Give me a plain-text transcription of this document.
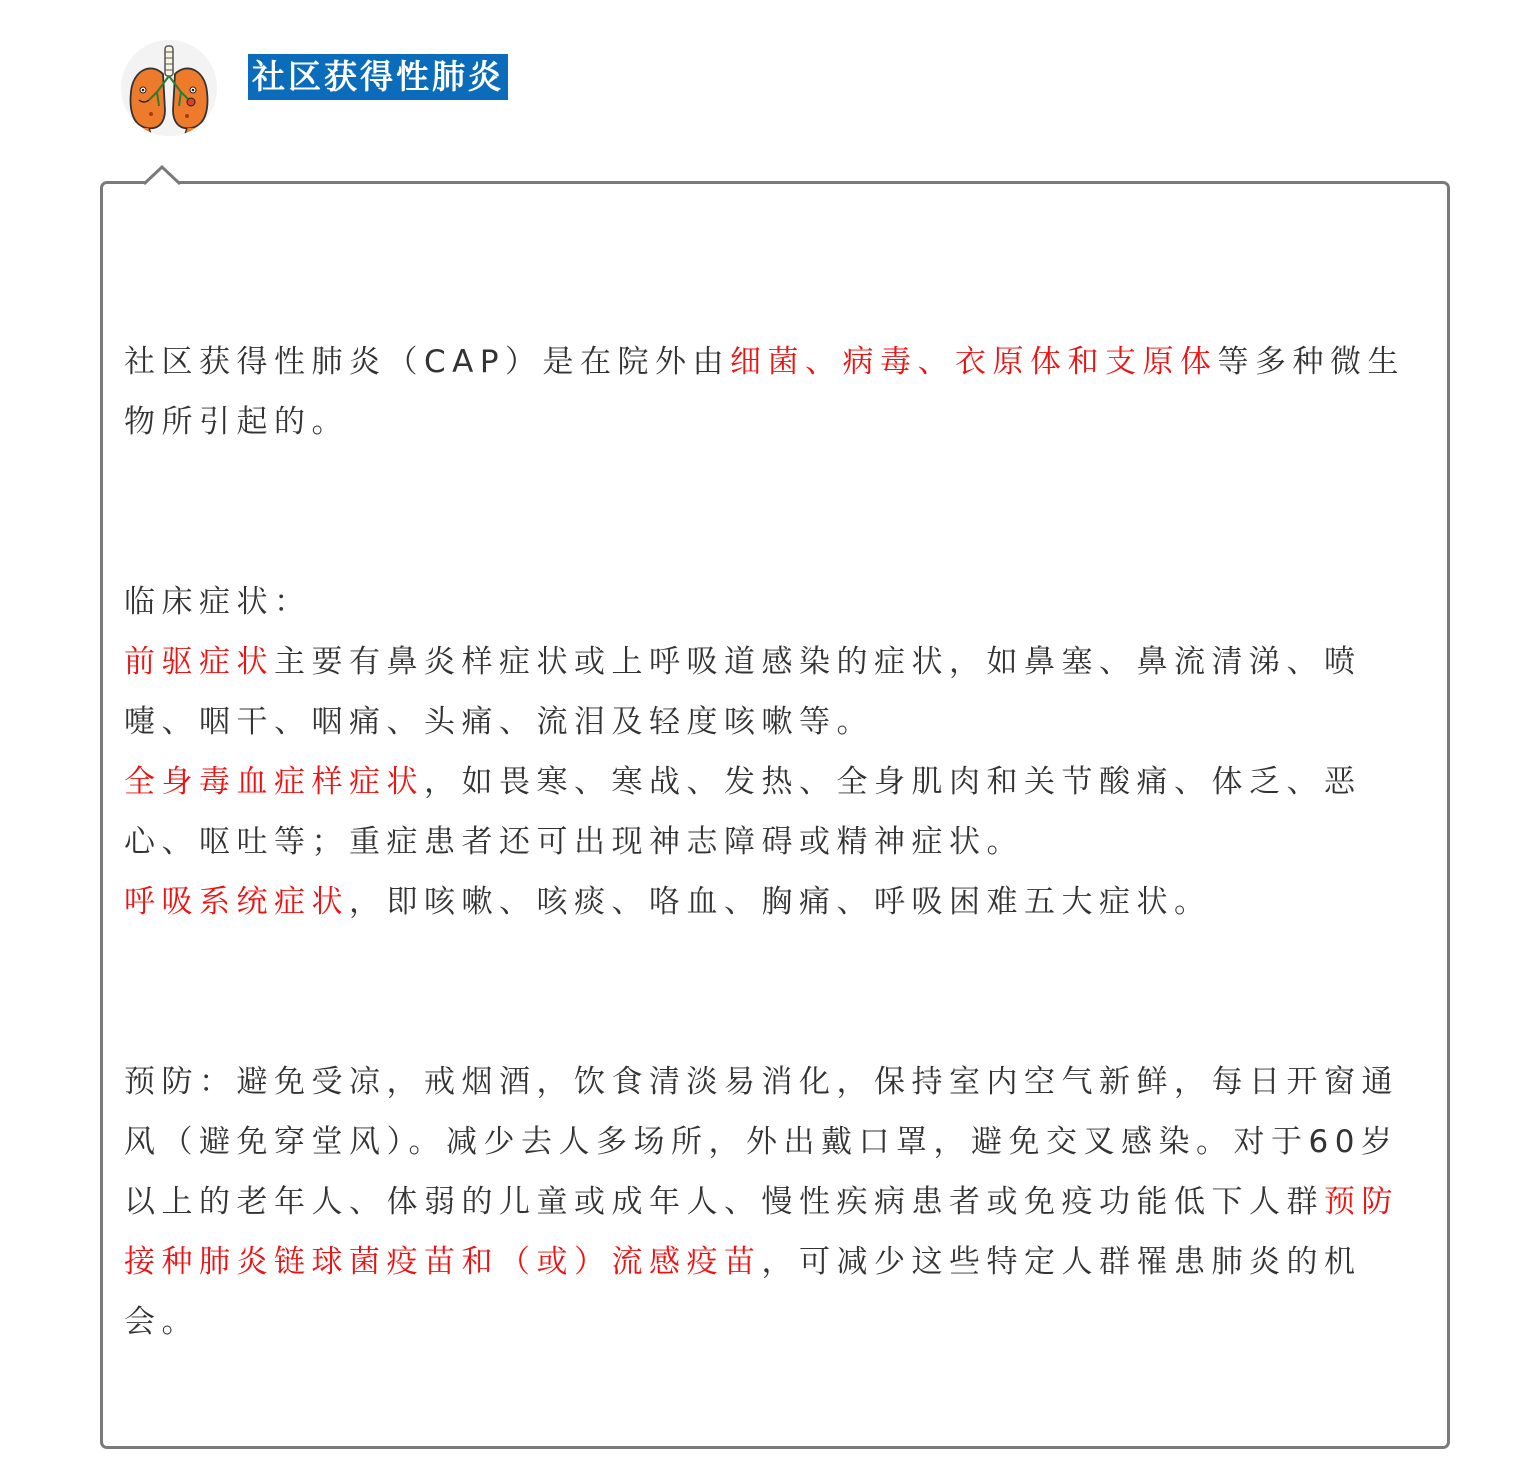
社区获得性肺炎

社区获得性肺炎（CAP）是在院外由细菌、病毒、衣原体和支原体等多种微生物所引起的。

临床症状：

前驱症状主要有鼻炎样症状或上呼吸道感染的症状，如鼻塞、鼻流清涕、喷嚏、咽干、咽痛、头痛、流泪及轻度咳嗽等。

全身毒血症样症状，如畏寒、寒战、发热、全身肌肉和关节酸痛、体乏、恶心、呕吐等；重症患者还可出现神志障碍或精神症状。

呼吸系统症状，即咳嗽、咳痰、咯血、胸痛、呼吸困难五大症状。

预防：避免受凉，戒烟酒，饮食清淡易消化，保持室内空气新鲜，每日开窗通风（避免穿堂风）。减少去人多场所，外出戴口罩，避免交叉感染。对于60岁以上的老年人、体弱的儿童或成年人、慢性疾病患者或免疫功能低下人群预防接种肺炎链球菌疫苗和（或）流感疫苗，可减少这些特定人群罹患肺炎的机会。
